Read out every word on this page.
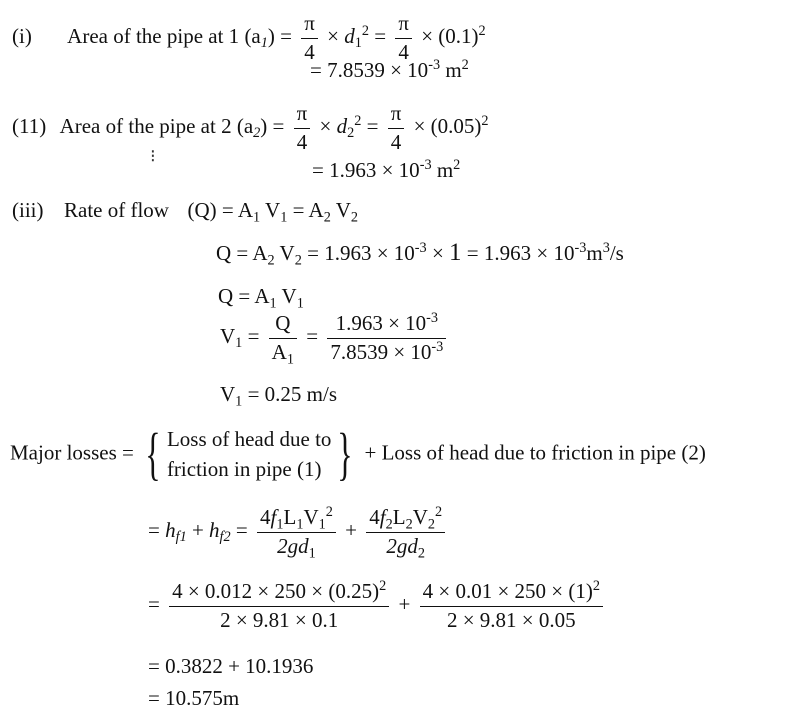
(i) Area of the pipe at 1 $(a_1) = \frac{\pi}{4} \times d_1^2 = \frac{\pi}{4} \times (0.1)^2$
= $7.8539 \times 10^{-3}$ $m^2$
(11) Area of the pipe at 2 $(a_2) = \frac{\pi}{4} \times d_2^2 = \frac{\pi}{4} \times (0.05)^2$
= $1.963 \times 10^{-3}$ $m^2$
(iii) Rate of flow $(Q) = A_1$ $V_1 = A_2$ $V_2$
$Q = A_2$ $V_2 = 1.963 \times 10^{-3} \times 1 = 1.963 \times 10^{-3}m^3/s$
$Q = A_1$ $V_1$
$V_1 = \frac{Q}{A_1} = \frac{1.963 \times 10^{-3}}{7.8539 \times 10^{-3}}$
$V_1 = 0.25$ m/s
Major losses = { Loss of head due to
friction in pipe (1) } + Loss of head due to friction in pipe (2)
= $h_{f1} + h_{f2} = \frac{4f_1L_1V_1^2}{2gd_1} + \frac{4f_2L_2V_2^2}{2gd_2}$
= $\frac{4 \times 0.012 \times 250 \times (0.25)^2}{2 \times 9.81 \times 0.1} + \frac{4 \times 0.01 \times 250 \times (1)^2}{2 \times 9.81 \times 0.05}$
= 0.3822 + 10.1936
= 10.575m
⁝
